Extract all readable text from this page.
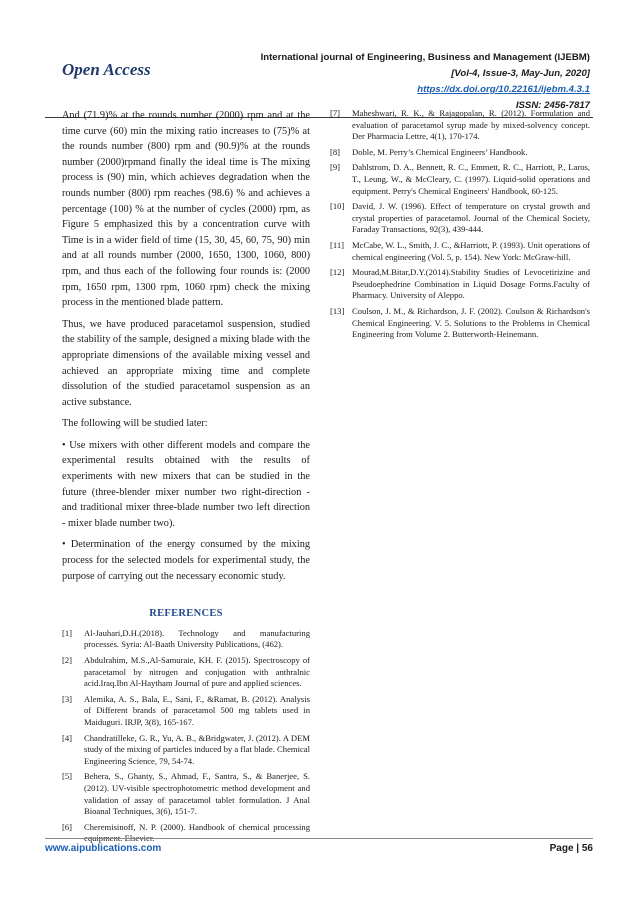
Open Access
International journal of Engineering, Business and Management (IJEBM)
[Vol-4, Issue-3, May-Jun, 2020]
https://dx.doi.org/10.22161/ijebm.4.3.1
ISSN: 2456-7817

And (71.9)% at the rounds number (2000) rpm and at the time curve (60) min the mixing ratio increases to (75)% at the rounds number (800) rpm and (90.9)% at the rounds number (2000)rpmand finally the ideal time is The mixing process is (90) min, which achieves degradation when the rounds number (800) rpm reaches (98.6) % and achieves a percentage (100) % at the number of cycles (2000) rpm, as Figure 5 emphasized this by a concentration curve with Time is in a wider field of time (15, 30, 45, 60, 75, 90) min and at all rounds number (2000, 1650, 1300, 1060, 800) rpm, and thus each of the following four rounds is: (2000 rpm, 1650 rpm, 1300 rpm, 1060 rpm) check the mixing process in the mentioned blade pattern.

Thus, we have produced paracetamol suspension, studied the stability of the sample, designed a mixing blade with the appropriate dimensions of the available mixing vessel and achieved an appropriate mixing time and complete dissolution of the studied paracetamol suspension as an active substance.

The following will be studied later:

• Use mixers with other different models and compare the experimental results obtained with the results of experiments with new mixers that can be studied in the future (three-blender mixer number two right-direction - and traditional mixer three-blade number two left direction - mixer blade number two).

• Determination of the energy consumed by the mixing process for the selected models for experimental study, the purpose of carrying out the necessary economic study.

REFERENCES
[1]	Al-Jauhari,D.H.(2018). Technology and manufacturing processes. Syria: Al-Baath University Publications, (462).
[2]	Abdulrahim, M.S.,Al-Samuraie, KH. F. (2015). Spectroscopy of paracetamol by nitrogen and conjugation with anthralnic acid.Iraq.Ibn Al-Haytham Journal of pure and applied sciences.
[3]	Alemika, A. S., Bala, E., Sani, F., &Ramat, B. (2012). Analysis of Different brands of paracetamol 500 mg tablets used in Maiduguri. IRJP, 3(8), 165-167.
[4]	Chandratilleke, G. R., Yu, A. B., &Bridgwater, J. (2012). A DEM study of the mixing of particles induced by a flat blade. Chemical Engineering Science, 79, 54-74.
[5]	Behera, S., Ghanty, S., Ahmad, F., Santra, S., & Banerjee, S. (2012). UV-visible spectrophotometric method development and validation of assay of paracetamol tablet formulation. J Anal Bioanal Techniques, 3(6), 151-7.
[6]	Cheremisinoff, N. P. (2000). Handbook of chemical processing
[7]	Maheshwari, R. K., & Rajagopalan, R. (2012). Formulation and evaluation of paracetamol syrup made by mixed-solvency concept. Der Pharmacia Lettre, 4(1), 170-174.
[8]	Doble, M. Perry’s Chemical Engineers’ Handbook.
[9]	Dahlstrom, D. A., Bennett, R. C., Emmett, R. C., Harriott, P., Laros, T., Leung, W., & McCleary, C. (1997). Liquid-solid operations and equipment. Perry's Chemical Engineers' Handbook, 60-125.
[10] David, J. W. (1996). Effect of temperature on crystal growth and crystal properties of paracetamol. Journal of the Chemical Society, Faraday Transactions, 92(3), 439-444.
[11] McCabe, W. L., Smith, J. C., &Harriott, P. (1993). Unit operations of chemical engineering (Vol. 5, p. 154). New York: McGraw-hill.
[12] Mourad,M.Bitar,D.Y.(2014).Stability Studies of Levocetirizine and Pseudoephedrine Combination in Liquid Dosage Forms.Faculty of Pharmacy. University of Aleppo.
[13] Coulson, J. M., & Richardson, J. F. (2002). Coulson & Richardson's Chemical Engineering. V. 5. Solutions to the Problems in Chemical Engineering from Volume 2. Butterworth-Heinemann.
www.aipublications.com	Page | 56
